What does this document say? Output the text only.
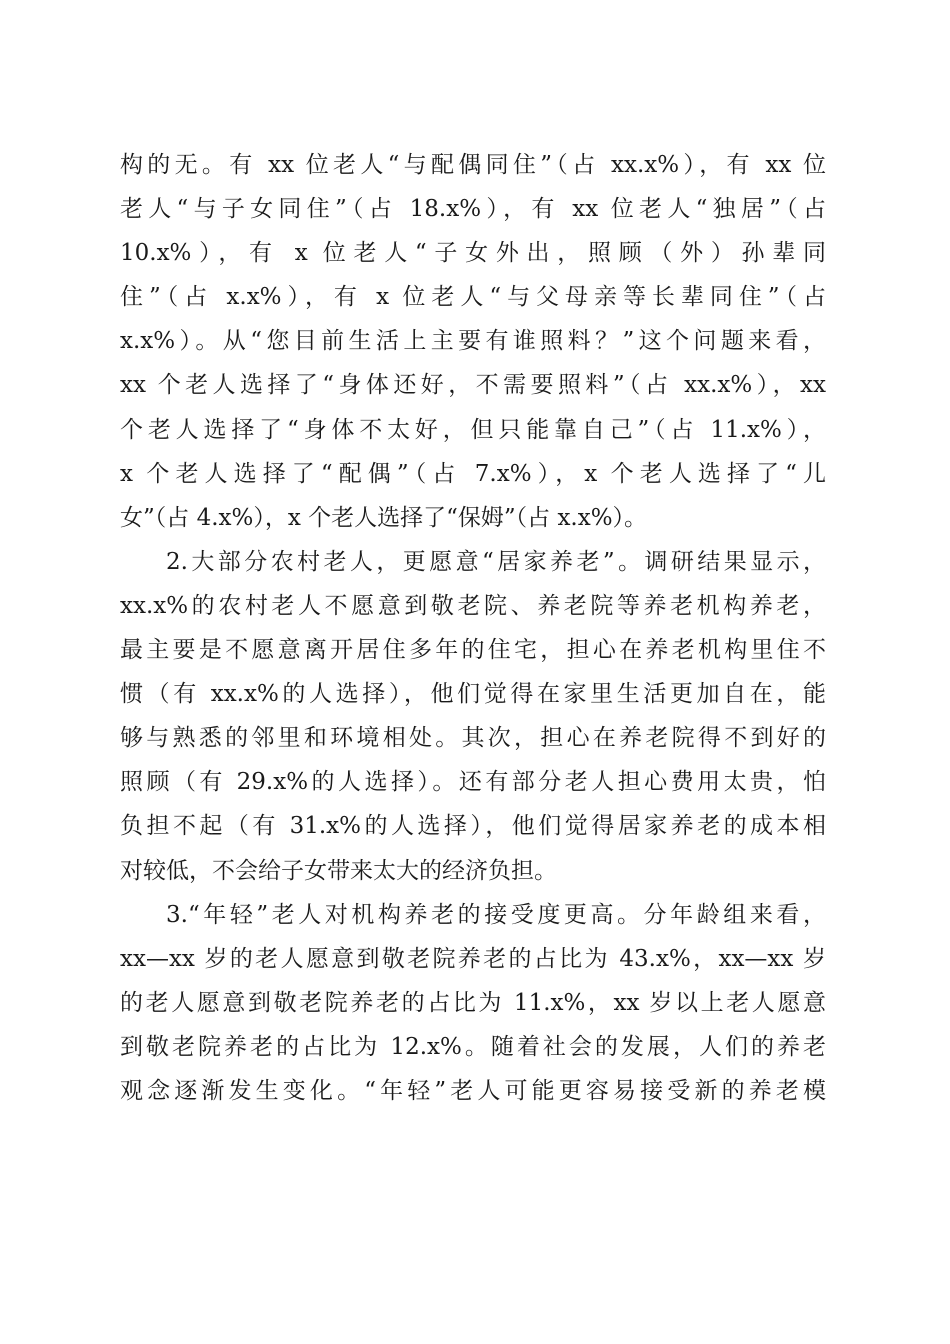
构的无。有 xx 位老人“与配偶同住”（占 xx.x%），有 xx 位
老人“与子女同住”（占 18.x%），有 xx 位老人“独居”（占
10.x%），有 x 位老人“子女外出，照顾（外）孙辈同
住”（占 x.x%），有 x 位老人“与父母亲等长辈同住”（占
x.x%）。从“您目前生活上主要有谁照料？”这个问题来看，
xx 个老人选择了“身体还好，不需要照料”（占 xx.x%），xx
个老人选择了“身体不太好，但只能靠自己”（占 11.x%），
x 个老人选择了“配偶”（占 7.x%），x 个老人选择了“儿
女”（占 4.x%），x 个老人选择了“保姆”（占 x.x%）。
2.大部分农村老人，更愿意“居家养老”。调研结果显示，
xx.x%的农村老人不愿意到敬老院、养老院等养老机构养老，
最主要是不愿意离开居住多年的住宅，担心在养老机构里住不
惯（有 xx.x%的人选择），他们觉得在家里生活更加自在，能
够与熟悉的邻里和环境相处。其次，担心在养老院得不到好的
照顾（有 29.x%的人选择）。还有部分老人担心费用太贵，怕
负担不起（有 31.x%的人选择），他们觉得居家养老的成本相
对较低，不会给子女带来太大的经济负担。
3.“年轻”老人对机构养老的接受度更高。分年龄组来看，
xx—xx 岁的老人愿意到敬老院养老的占比为 43.x%，xx—xx 岁
的老人愿意到敬老院养老的占比为 11.x%，xx 岁以上老人愿意
到敬老院养老的占比为 12.x%。随着社会的发展，人们的养老
观念逐渐发生变化。“年轻”老人可能更容易接受新的养老模
